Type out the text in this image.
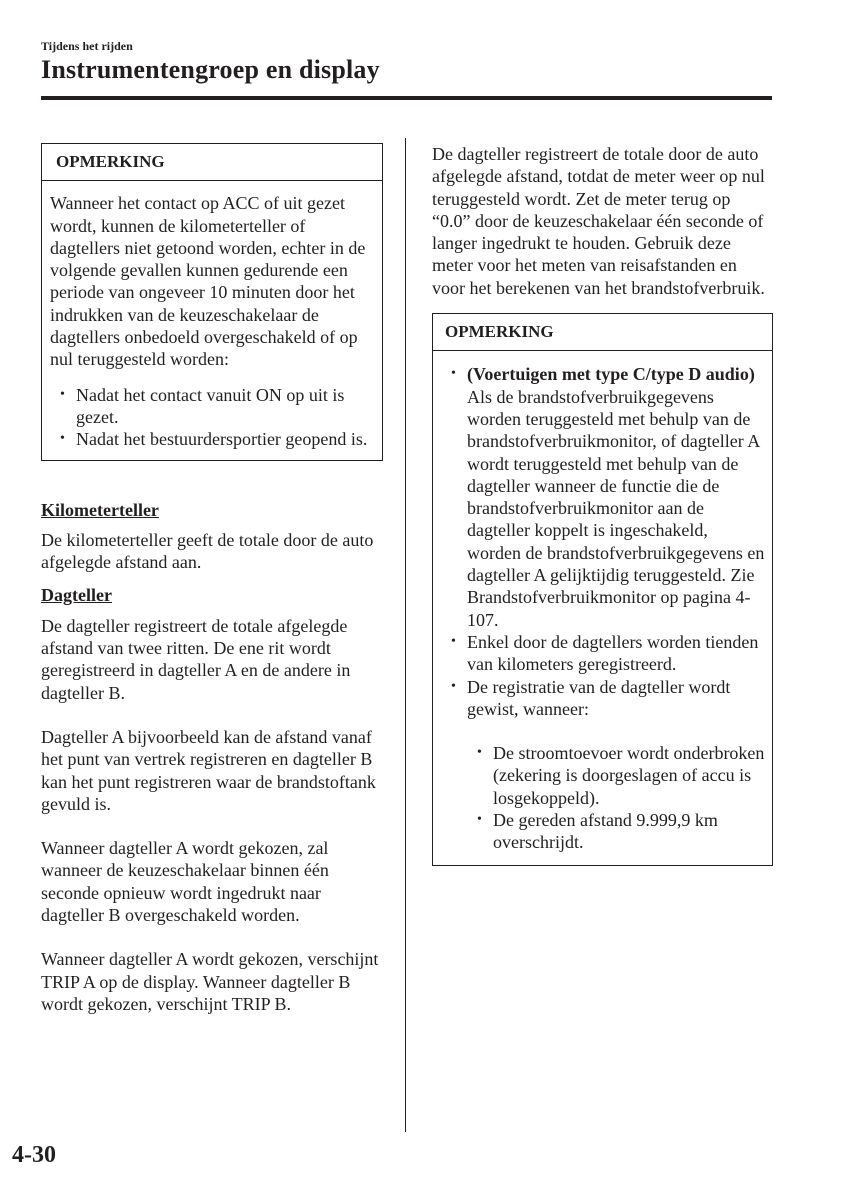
Tijdens het rijden
Instrumentengroep en display
OPMERKING

Wanneer het contact op ACC of uit gezet wordt, kunnen de kilometerteller of dagtellers niet getoond worden, echter in de volgende gevallen kunnen gedurende een periode van ongeveer 10 minuten door het indrukken van de keuzeschakelaar de dagtellers onbedoeld overgeschakeld of op nul teruggesteld worden:

• Nadat het contact vanuit ON op uit is gezet.
• Nadat het bestuurdersportier geopend is.
Kilometerteller

De kilometerteller geeft de totale door de auto afgelegde afstand aan.

Dagteller

De dagteller registreert de totale afgelegde afstand van twee ritten. De ene rit wordt geregistreerd in dagteller A en de andere in dagteller B.

Dagteller A bijvoorbeeld kan de afstand vanaf het punt van vertrek registreren en dagteller B kan het punt registreren waar de brandstoftank gevuld is.

Wanneer dagteller A wordt gekozen, zal wanneer de keuzeschakelaar binnen één seconde opnieuw wordt ingedrukt naar dagteller B overgeschakeld worden.

Wanneer dagteller A wordt gekozen, verschijnt TRIP A op de display. Wanneer dagteller B wordt gekozen, verschijnt TRIP B.

De dagteller registreert de totale door de auto afgelegde afstand, totdat de meter weer op nul teruggesteld wordt. Zet de meter terug op “0.0” door de keuzeschakelaar één seconde of langer ingedrukt te houden. Gebruik deze meter voor het meten van reisafstanden en voor het berekenen van het brandstofverbruik.

OPMERKING
• (Voertuigen met type C/type D audio)
Als de brandstofverbruikgegevens worden teruggesteld met behulp van de brandstofverbruikmonitor, of dagteller A wordt teruggesteld met behulp van de dagteller wanneer de functie die de brandstofverbruikmonitor aan de dagteller koppelt is ingeschakeld, worden de brandstofverbruikgegevens en dagteller A gelijktijdig teruggesteld. Zie Brandstofverbruikmonitor op pagina 4-107.
• Enkel door de dagtellers worden tienden van kilometers geregistreerd.
• De registratie van de dagteller wordt gewist, wanneer:
• De stroomtoevoer wordt onderbroken (zekering is doorgeslagen of accu is losgekoppeld).
• De gereden afstand 9.999,9 km overschrijdt.
4-30
